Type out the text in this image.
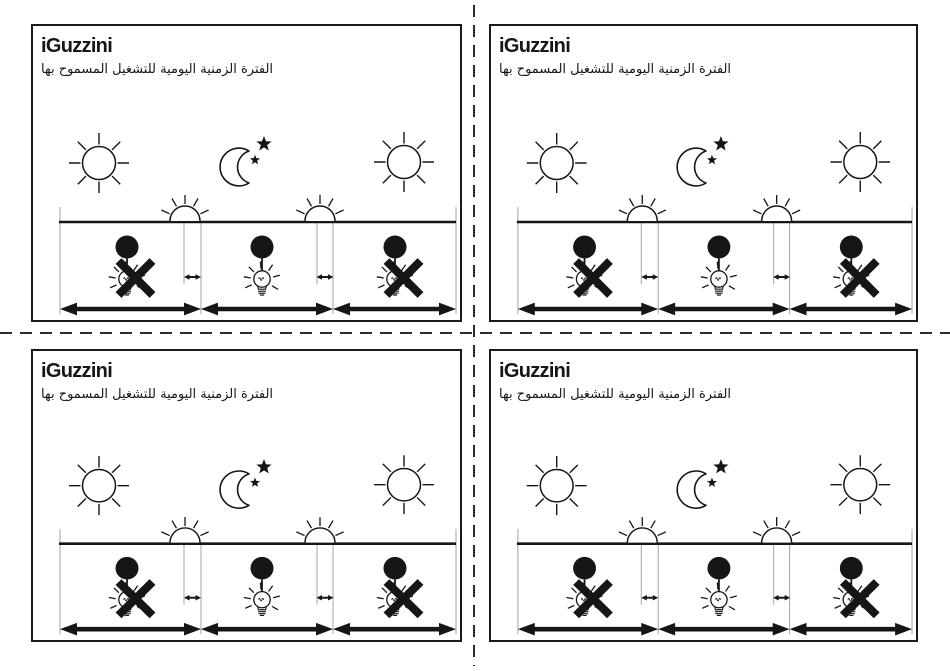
iGuzzini
الفترة الزمنية اليومية للتشغيل المسموح بها
iGuzzini
الفترة الزمنية اليومية للتشغيل المسموح بها
iGuzzini
الفترة الزمنية اليومية للتشغيل المسموح بها
iGuzzini
الفترة الزمنية اليومية للتشغيل المسموح بها
